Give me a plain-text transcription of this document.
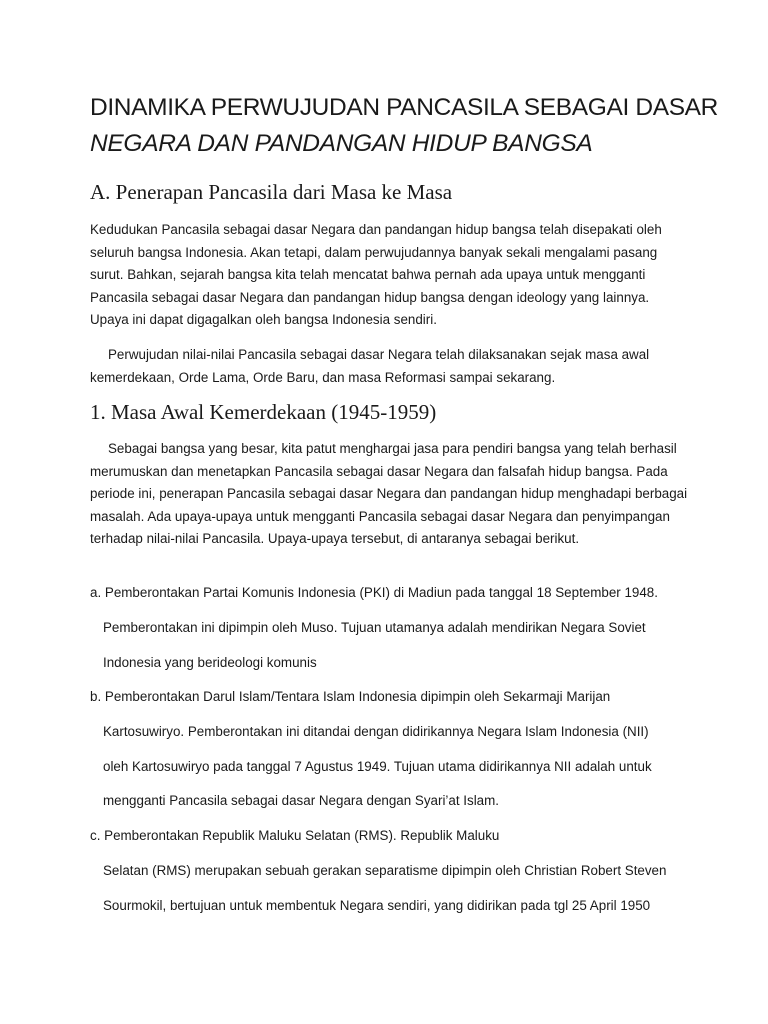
DINAMIKA PERWUJUDAN PANCASILA SEBAGAI DASAR
NEGARA DAN PANDANGAN HIDUP BANGSA
A. Penerapan Pancasila dari Masa ke Masa

Kedudukan Pancasila sebagai dasar Negara dan pandangan hidup bangsa telah disepakati oleh seluruh bangsa Indonesia. Akan tetapi, dalam perwujudannya banyak sekali mengalami pasang surut. Bahkan, sejarah bangsa kita telah mencatat bahwa pernah ada upaya untuk mengganti Pancasila sebagai dasar Negara dan pandangan hidup bangsa dengan ideology yang lainnya. Upaya ini dapat digagalkan oleh bangsa Indonesia sendiri.

Perwujudan nilai-nilai Pancasila sebagai dasar Negara telah dilaksanakan sejak masa awal kemerdekaan, Orde Lama, Orde Baru, dan masa Reformasi sampai sekarang.

1. Masa Awal Kemerdekaan (1945-1959)

Sebagai bangsa yang besar, kita patut menghargai jasa para pendiri bangsa yang telah berhasil merumuskan dan menetapkan Pancasila sebagai dasar Negara dan falsafah hidup bangsa. Pada periode ini, penerapan Pancasila sebagai dasar Negara dan pandangan hidup menghadapi berbagai masalah. Ada upaya-upaya untuk mengganti Pancasila sebagai dasar Negara dan penyimpangan terhadap nilai-nilai Pancasila. Upaya-upaya tersebut, di antaranya sebagai berikut.

a. Pemberontakan Partai Komunis Indonesia (PKI) di Madiun pada tanggal 18 September 1948.

Pemberontakan ini dipimpin oleh Muso. Tujuan utamanya adalah mendirikan Negara Soviet

Indonesia yang berideologi komunis

b. Pemberontakan Darul Islam/Tentara Islam Indonesia dipimpin oleh Sekarmaji Marijan

Kartosuwiryo. Pemberontakan ini ditandai dengan didirikannya Negara Islam Indonesia (NII)

oleh Kartosuwiryo pada tanggal 7 Agustus 1949. Tujuan utama didirikannya NII adalah untuk

mengganti Pancasila sebagai dasar Negara dengan Syari’at Islam.

c. Pemberontakan Republik Maluku Selatan (RMS). Republik Maluku

Selatan (RMS) merupakan sebuah gerakan separatisme dipimpin oleh Christian Robert Steven

Sourmokil, bertujuan untuk membentuk Negara sendiri, yang didirikan pada tgl 25 April 1950
